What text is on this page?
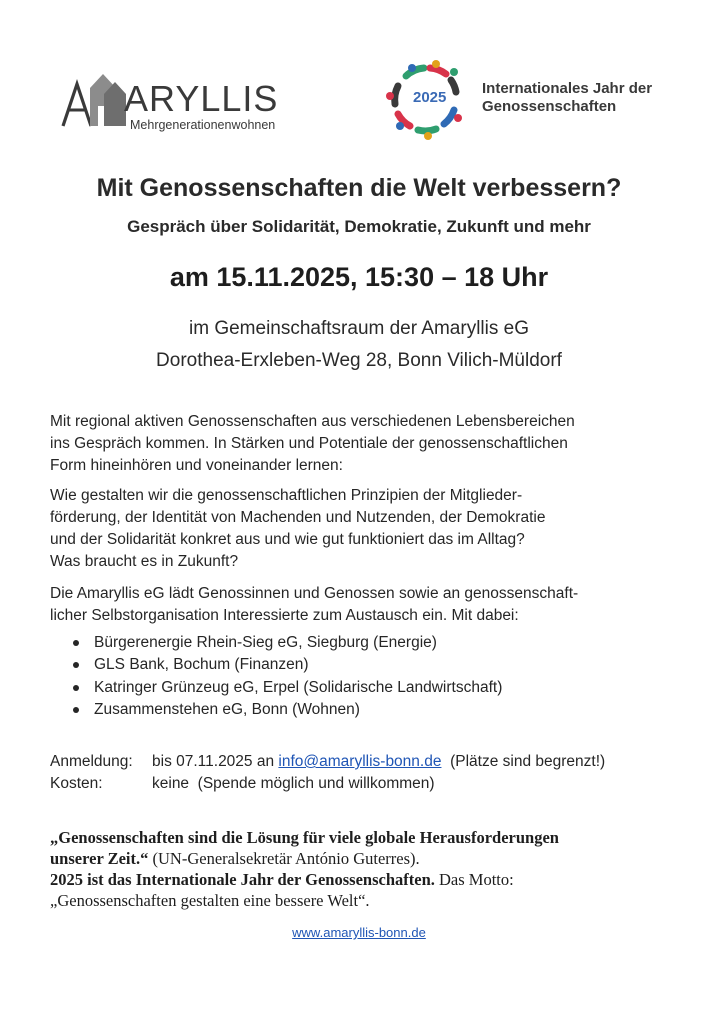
ARYLLIS
Mehrgenerationenwohnen
2025
Internationales Jahr der
Genossenschaften
Mit Genossenschaften die Welt verbessern?
Gespräch über Solidarität, Demokratie, Zukunft und mehr
am 15.11.2025, 15:30 – 18 Uhr
im Gemeinschaftsraum der Amaryllis eG
Dorothea-Erxleben-Weg 28, Bonn Vilich-Müldorf
Mit regional aktiven Genossenschaften aus verschiedenen Lebensbereichen
ins Gespräch kommen. In Stärken und Potentiale der genossenschaftlichen
Form hineinhören und voneinander lernen:
Wie gestalten wir die genossenschaftlichen Prinzipien der Mitglieder-
förderung, der Identität von Machenden und Nutzenden, der Demokratie
und der Solidarität konkret aus und wie gut funktioniert das im Alltag?
Was braucht es in Zukunft?
Die Amaryllis eG lädt Genossinnen und Genossen sowie an genossenschaft-
licher Selbstorganisation Interessierte zum Austausch ein. Mit dabei:
Bürgerenergie Rhein-Sieg eG, Siegburg (Energie)
GLS Bank, Bochum (Finanzen)
Katringer Grünzeug eG, Erpel (Solidarische Landwirtschaft)
Zusammenstehen eG, Bonn (Wohnen)
Anmeldung:	bis 07.11.2025 an
info@amaryllis-bonn.de
(Plätze sind begrenzt!)
Kosten:	keine  (Spende möglich und willkommen)
„Genossenschaften sind die Lösung für viele globale Herausforderungen
unserer Zeit.“ (UN-Generalsekretär António Guterres).
2025 ist das Internationale Jahr der Genossenschaften. Das Motto:
„Genossenschaften gestalten eine bessere Welt“.
www.amaryllis-bonn.de
